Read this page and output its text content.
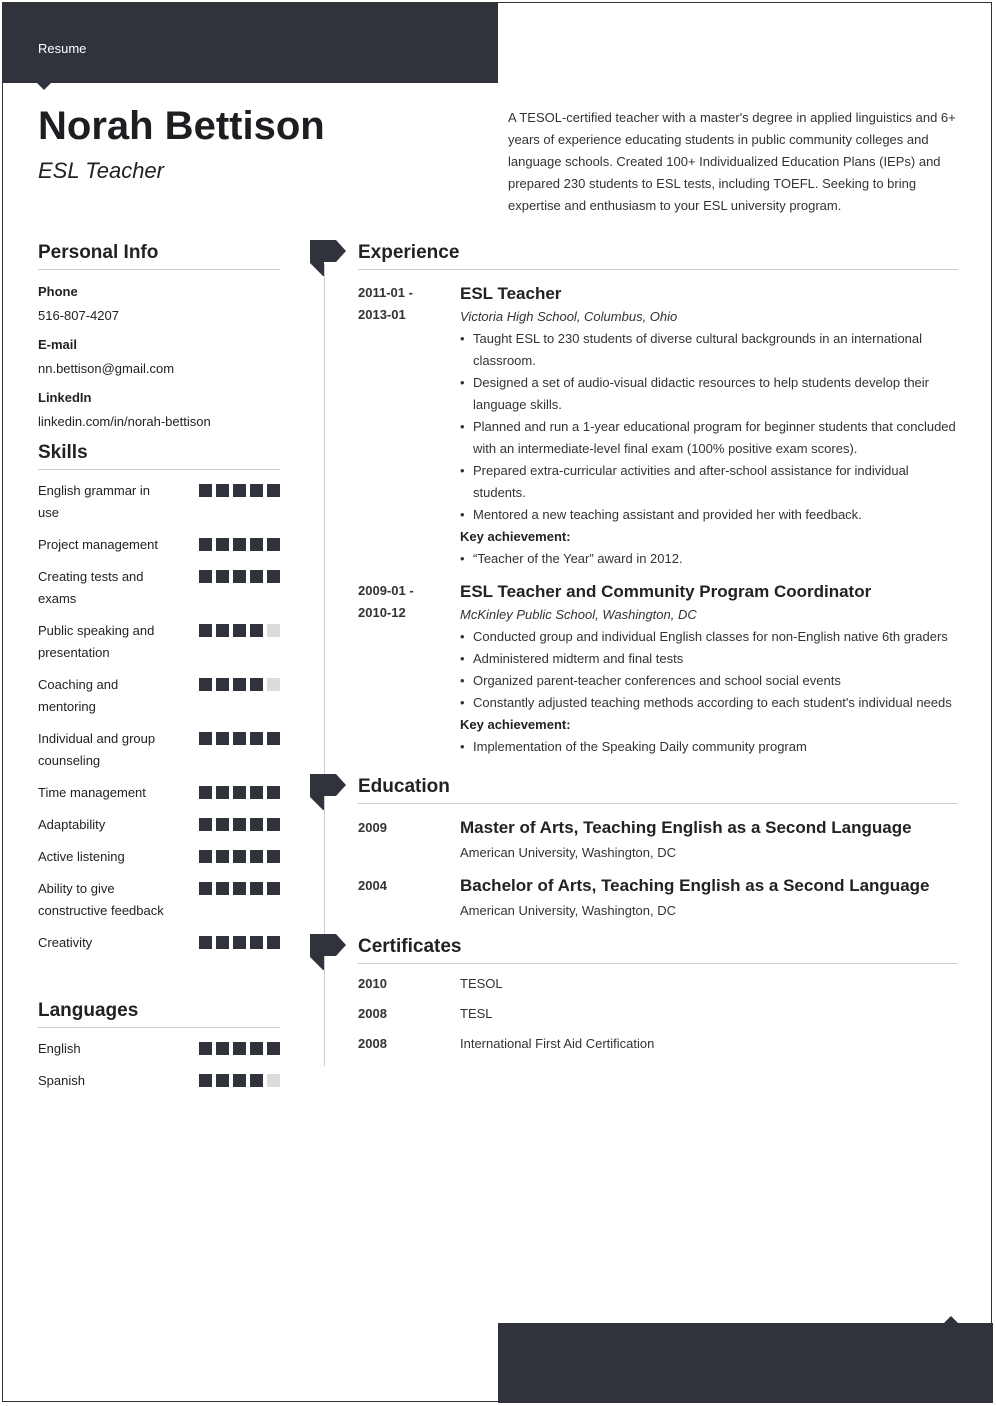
Resume
Norah Bettison
ESL Teacher
A TESOL-certified teacher with a master's degree in applied linguistics and 6+ years of experience educating students in public community colleges and language schools. Created 100+ Individualized Education Plans (IEPs) and prepared 230 students to ESL tests, including TOEFL. Seeking to bring expertise and enthusiasm to your ESL university program.
Personal Info
Phone
516-807-4207
E-mail
nn.bettison@gmail.com
LinkedIn
linkedin.com/in/norah-bettison
Skills
English grammar in use
Project management
Creating tests and exams
Public speaking and presentation
Coaching and mentoring
Individual and group counseling
Time management
Adaptability
Active listening
Ability to give constructive feedback
Creativity
Languages
English
Spanish
Experience
2011-01 - 2013-01
ESL Teacher
Victoria High School, Columbus, Ohio
• Taught ESL to 230 students of diverse cultural backgrounds in an international classroom.
• Designed a set of audio-visual didactic resources to help students develop their language skills.
• Planned and run a 1-year educational program for beginner students that concluded with an intermediate-level final exam (100% positive exam scores).
• Prepared extra-curricular activities and after-school assistance for individual students.
• Mentored a new teaching assistant and provided her with feedback.
Key achievement:
• “Teacher of the Year” award in 2012.
2009-01 - 2010-12
ESL Teacher and Community Program Coordinator
McKinley Public School, Washington, DC
• Conducted group and individual English classes for non-English native 6th graders
• Administered midterm and final tests
• Organized parent-teacher conferences and school social events
• Constantly adjusted teaching methods according to each student's individual needs
Key achievement:
• Implementation of the Speaking Daily community program
Education
2009	Master of Arts, Teaching English as a Second Language
American University, Washington, DC
2004	Bachelor of Arts, Teaching English as a Second Language
American University, Washington, DC
Certificates
2010	TESOL
2008	TESL
2008	International First Aid Certification
